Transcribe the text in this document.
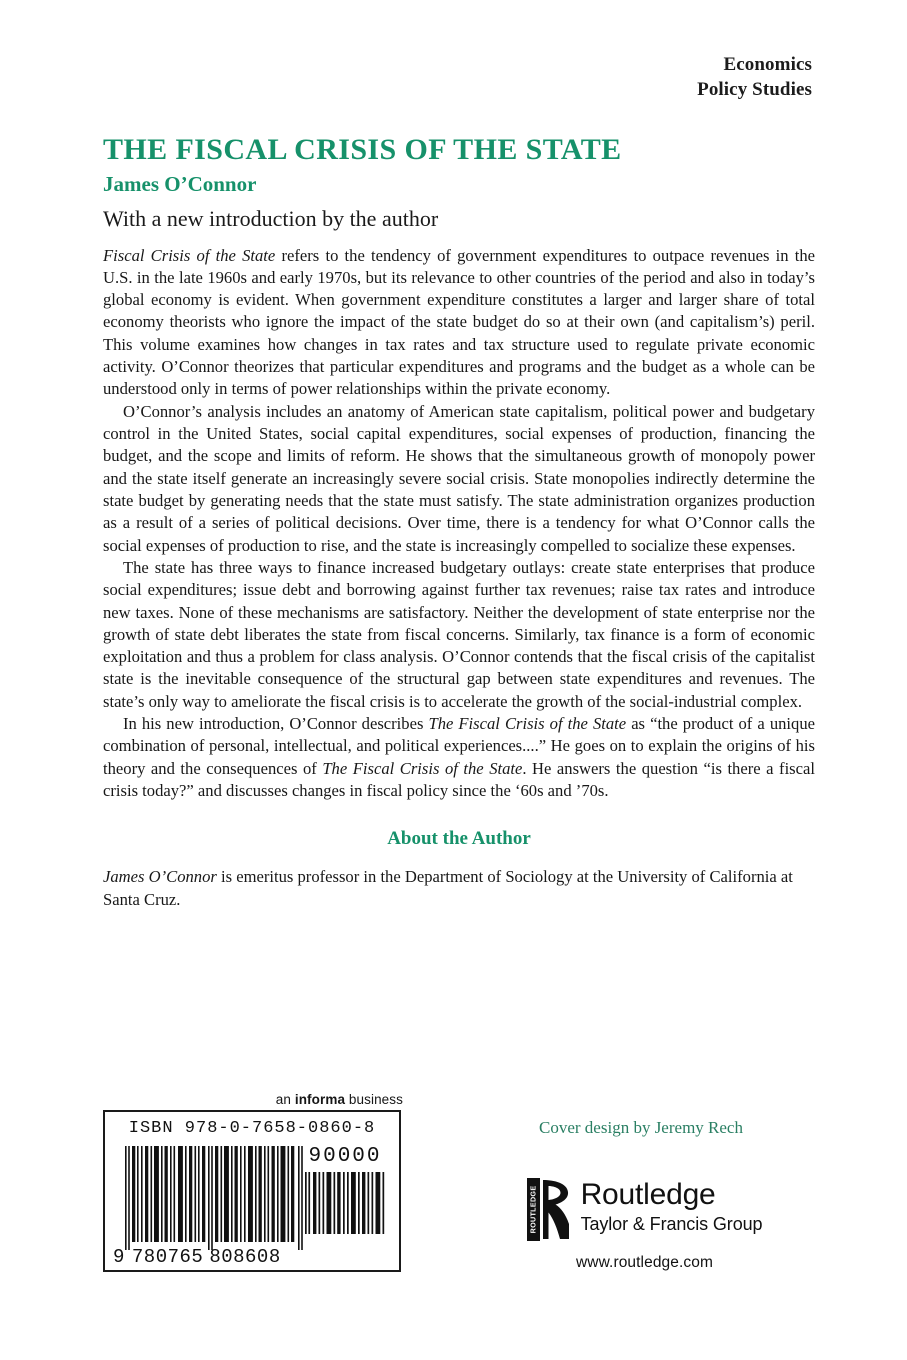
Economics
Policy Studies
THE FISCAL CRISIS OF THE STATE
James O’Connor
With a new introduction by the author

Fiscal Crisis of the State refers to the tendency of government expenditures to outpace revenues in the U.S. in the late 1960s and early 1970s, but its relevance to other countries of the period and also in today’s global economy is evident. When government expenditure constitutes a larger and larger share of total economy theorists who ignore the impact of the state budget do so at their own (and capitalism’s) peril. This volume examines how changes in tax rates and tax structure used to regulate private economic activity. O’Connor theorizes that particular expenditures and programs and the budget as a whole can be understood only in terms of power relationships within the private economy.

O’Connor’s analysis includes an anatomy of American state capitalism, political power and budgetary control in the United States, social capital expenditures, social expenses of production, financing the budget, and the scope and limits of reform. He shows that the simultaneous growth of monopoly power and the state itself generate an increasingly severe social crisis. State monopolies indirectly determine the state budget by generating needs that the state must satisfy. The state administration organizes production as a result of a series of political decisions. Over time, there is a tendency for what O’Connor calls the social expenses of production to rise, and the state is increasingly compelled to socialize these expenses.

The state has three ways to finance increased budgetary outlays: create state enterprises that produce social expenditures; issue debt and borrowing against further tax revenues; raise tax rates and introduce new taxes. None of these mechanisms are satisfactory. Neither the development of state enterprise nor the growth of state debt liberates the state from fiscal concerns. Similarly, tax finance is a form of economic exploitation and thus a problem for class analysis. O’Connor contends that the fiscal crisis of the capitalist state is the inevitable consequence of the structural gap between state expenditures and revenues. The state’s only way to ameliorate the fiscal crisis is to accelerate the growth of the social-industrial complex.

In his new introduction, O’Connor describes The Fiscal Crisis of the State as “the product of a unique combination of personal, intellectual, and political experiences....” He goes on to explain the origins of his theory and the consequences of The Fiscal Crisis of the State. He answers the question “is there a fiscal crisis today?” and discusses changes in fiscal policy since the ‘60s and ’70s.

About the Author
James O’Connor is emeritus professor in the Department of Sociology at the University of California at Santa Cruz.
an informa business
ISBN 978-0-7658-0860-8
90000
9 780765 808608
Cover design by Jeremy Rech
ROUTLEDGE Routledge
Taylor & Francis Group
www.routledge.com
